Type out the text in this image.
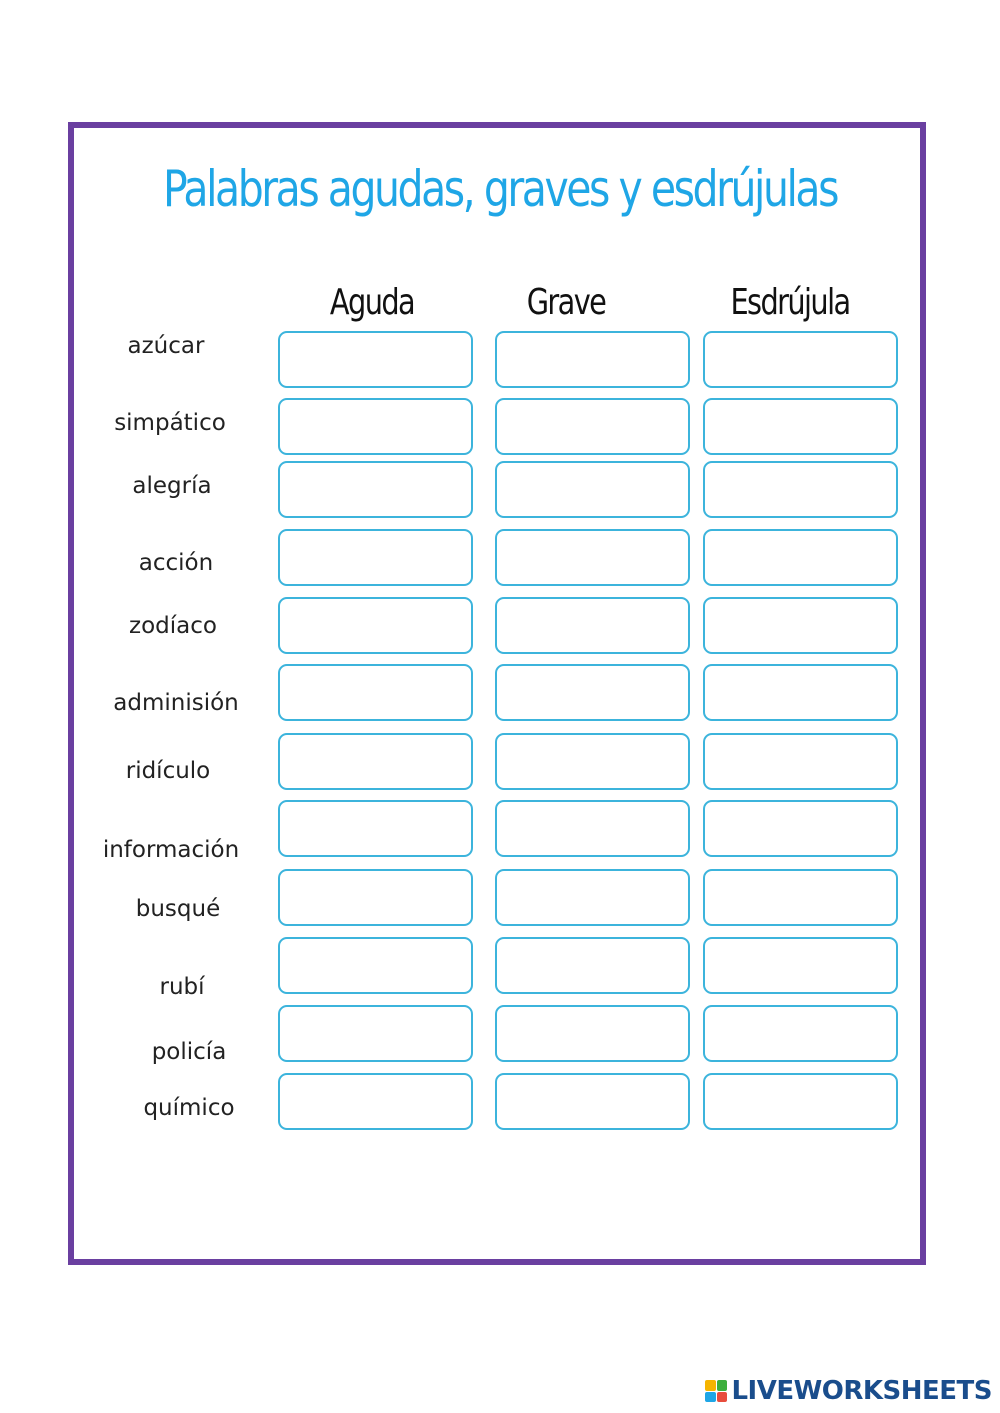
Palabras agudas, graves y esdrújulas
Aguda	Grave	Esdrújula
azúcar
simpático
alegría
acción
zodíaco
adminisión
ridículo
información
busqué
rubí
policía
químico
LIVEWORKSHEETS
